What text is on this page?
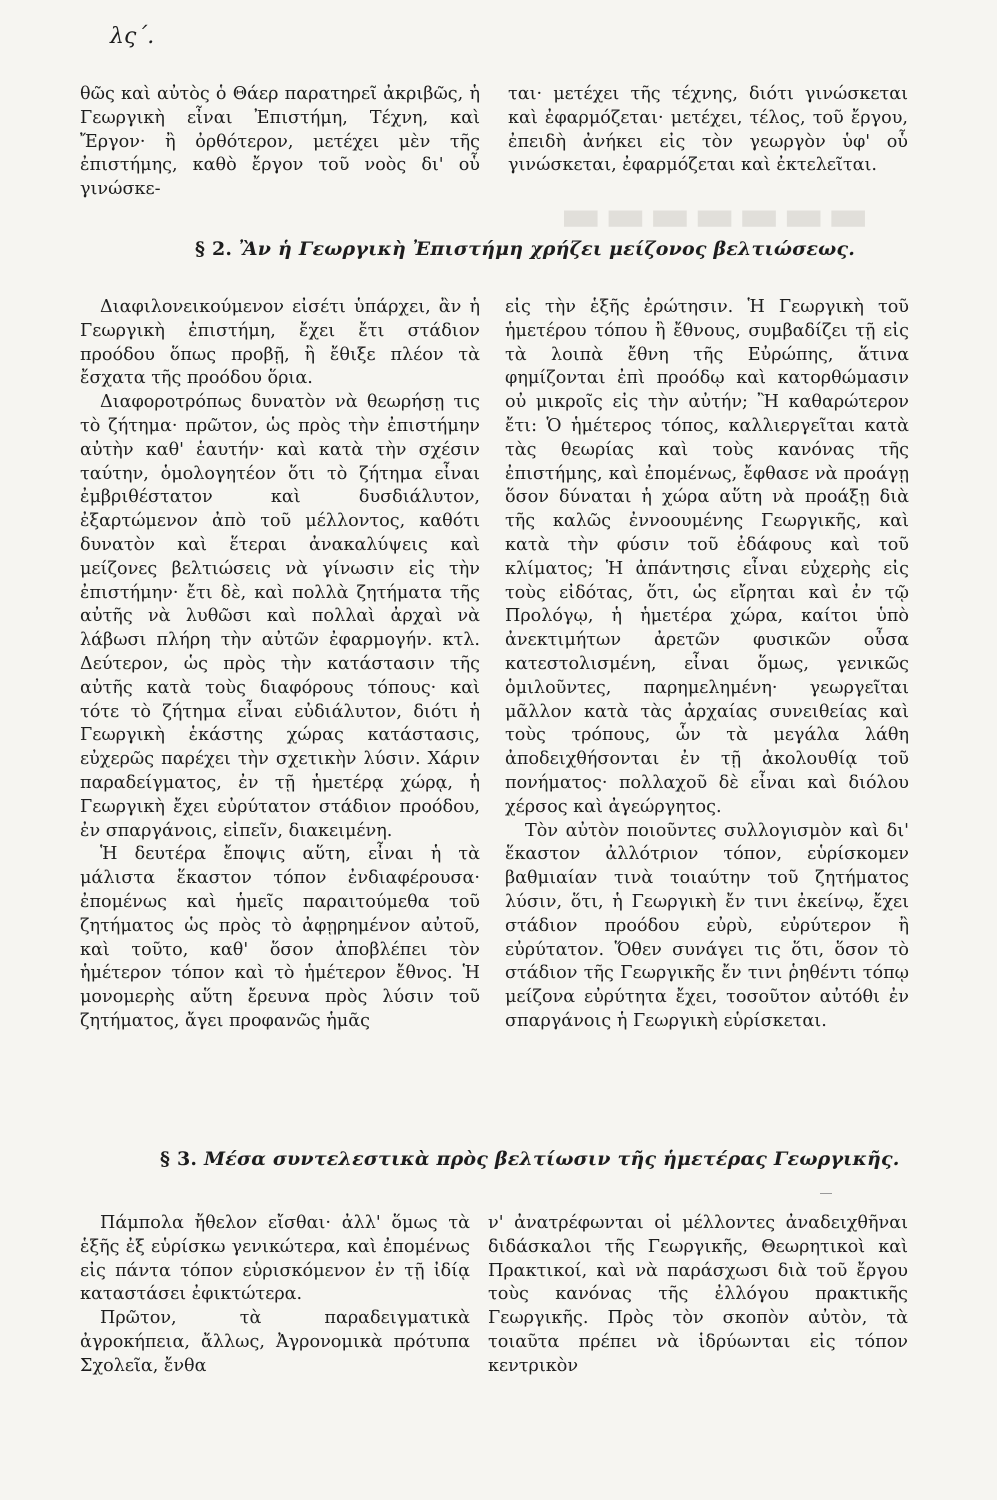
▬▬▬▬▬▬▬
λς΄.

θῶς καὶ αὐτὸς ὁ Θάερ παρατηρεῖ ἀκριβῶς, ἡ Γεωργικὴ εἶναι Ἐπιστήμη, Τέχνη, καὶ Ἔργον· ἢ ὀρθότερον, μετέχει μὲν τῆς ἐπιστήμης, καθὸ ἔργον τοῦ νοὸς δι' οὗ γινώσκε-

ται· μετέχει τῆς τέχνης, διότι γινώσκεται καὶ ἐφαρμόζεται· μετέχει, τέλος, τοῦ ἔργου, ἐπειδὴ ἀνήκει εἰς τὸν γεωργὸν ὑφ' οὗ γινώσκεται, ἐφαρμόζεται καὶ ἐκτελεῖται.

§ 2. Ἂν ἡ Γεωργικὴ Ἐπιστήμη χρήζει μείζονος βελτιώσεως.

Διαφιλονεικούμενον εἰσέτι ὑπάρχει, ἂν ἡ Γεωργικὴ ἐπιστήμη, ἔχει ἔτι στάδιον προόδου ὅπως προβῇ, ἢ ἔθιξε πλέον τὰ ἔσχατα τῆς προόδου ὅρια.

Διαφοροτρόπως δυνατὸν νὰ θεωρήσῃ τις τὸ ζήτημα· πρῶτον, ὡς πρὸς τὴν ἐπιστήμην αὐτὴν καθ' ἑαυτήν· καὶ κατὰ τὴν σχέσιν ταύτην, ὁμολογητέον ὅτι τὸ ζήτημα εἶναι ἐμβριθέστατον καὶ δυσδιάλυτον, ἐξαρτώμενον ἀπὸ τοῦ μέλλοντος, καθότι δυνατὸν καὶ ἕτεραι ἀνακαλύψεις καὶ μείζονες βελτιώσεις νὰ γίνωσιν εἰς τὴν ἐπιστήμην· ἔτι δὲ, καὶ πολλὰ ζητήματα τῆς αὐτῆς νὰ λυθῶσι καὶ πολλαὶ ἀρχαὶ νὰ λάβωσι πλήρη τὴν αὐτῶν ἐφαρμογήν. κτλ. Δεύτερον, ὡς πρὸς τὴν κατάστασιν τῆς αὐτῆς κατὰ τοὺς διαφόρους τόπους· καὶ τότε τὸ ζήτημα εἶναι εὐδιάλυτον, διότι ἡ Γεωργικὴ ἑκάστης χώρας κατάστασις, εὐχερῶς παρέχει τὴν σχετικὴν λύσιν. Χάριν παραδείγματος, ἐν τῇ ἡμετέρᾳ χώρᾳ, ἡ Γεωργικὴ ἔχει εὐρύτατον στάδιον προόδου, ἐν σπαργάνοις, εἰπεῖν, διακειμένη.

Ἡ δευτέρα ἔποψις αὕτη, εἶναι ἡ τὰ μάλιστα ἕκαστον τόπον ἐνδιαφέρουσα· ἐπομένως καὶ ἡμεῖς παραιτούμεθα τοῦ ζητήματος ὡς πρὸς τὸ ἀφῃρημένον αὐτοῦ, καὶ τοῦτο, καθ' ὅσον ἀποβλέπει τὸν ἡμέτερον τόπον καὶ τὸ ἡμέτερον ἔθνος. Ἡ μονομερὴς αὕτη ἔρευνα πρὸς λύσιν τοῦ ζητήματος, ἄγει προφανῶς ἡμᾶς

εἰς τὴν ἑξῆς ἐρώτησιν. Ἡ Γεωργικὴ τοῦ ἡμετέρου τόπου ἢ ἔθνους, συμβαδίζει τῇ εἰς τὰ λοιπὰ ἔθνη τῆς Εὐρώπης, ἅτινα φημίζονται ἐπὶ προόδῳ καὶ κατορθώμασιν οὐ μικροῖς εἰς τὴν αὐτήν; Ἢ καθαρώτερον ἔτι: Ὁ ἡμέτερος τόπος, καλλιεργεῖται κατὰ τὰς θεωρίας καὶ τοὺς κανόνας τῆς ἐπιστήμης, καὶ ἐπομένως, ἔφθασε νὰ προάγῃ ὅσον δύναται ἡ χώρα αὕτη νὰ προάξῃ διὰ τῆς καλῶς ἐννοουμένης Γεωργικῆς, καὶ κατὰ τὴν φύσιν τοῦ ἐδάφους καὶ τοῦ κλίματος; Ἡ ἀπάντησις εἶναι εὐχερὴς εἰς τοὺς εἰδότας, ὅτι, ὡς εἴρηται καὶ ἐν τῷ Προλόγῳ, ἡ ἡμετέρα χώρα, καίτοι ὑπὸ ἀνεκτιμήτων ἀρετῶν φυσικῶν οὖσα κατεστολισμένη, εἶναι ὅμως, γενικῶς ὁμιλοῦντες, παρημελημένη· γεωργεῖται μᾶλλον κατὰ τὰς ἀρχαίας συνειθείας καὶ τοὺς τρόπους, ὧν τὰ μεγάλα λάθη ἀποδειχθήσονται ἐν τῇ ἀκολουθίᾳ τοῦ πονήματος· πολλαχοῦ δὲ εἶναι καὶ διόλου χέρσος καὶ ἀγεώργητος.

Τὸν αὐτὸν ποιοῦντες συλλογισμὸν καὶ δι' ἕκαστον ἀλλότριον τόπον, εὑρίσκομεν βαθμιαίαν τινὰ τοιαύτην τοῦ ζητήματος λύσιν, ὅτι, ἡ Γεωργικὴ ἔν τινι ἐκείνῳ, ἔχει στάδιον προόδου εὐρὺ, εὐρύτερον ἢ εὐρύτατον. Ὅθεν συνάγει τις ὅτι, ὅσον τὸ στάδιον τῆς Γεωργικῆς ἔν τινι ῥηθέντι τόπῳ μείζονα εὐρύτητα ἔχει, τοσοῦτον αὐτόθι ἐν σπαργάνοις ἡ Γεωργικὴ εὑρίσκεται.

§ 3. Μέσα συντελεστικὰ πρὸς βελτίωσιν τῆς ἡμετέρας Γεωργικῆς.

Πάμπολα ἤθελον εἴσθαι· ἀλλ' ὅμως τὰ ἑξῆς ἐξ εὑρίσκω γενικώτερα, καὶ ἐπομένως εἰς πάντα τόπον εὑρισκόμενον ἐν τῇ ἰδίᾳ καταστάσει ἐφικτώτερα.

Πρῶτον, τὰ παραδειγματικὰ ἀγροκήπεια, ἄλλως, Ἀγρονομικὰ πρότυπα Σχολεῖα, ἔνθα

ν' ἀνατρέφωνται οἱ μέλλοντες ἀναδειχθῆναι διδάσκαλοι τῆς Γεωργικῆς, Θεωρητικοὶ καὶ Πρακτικοί, καὶ νὰ παράσχωσι διὰ τοῦ ἔργου τοὺς κανόνας τῆς ἐλλόγου πρακτικῆς Γεωργικῆς. Πρὸς τὸν σκοπὸν αὐτὸν, τὰ τοιαῦτα πρέπει νὰ ἱδρύωνται εἰς τόπον κεντρικὸν
